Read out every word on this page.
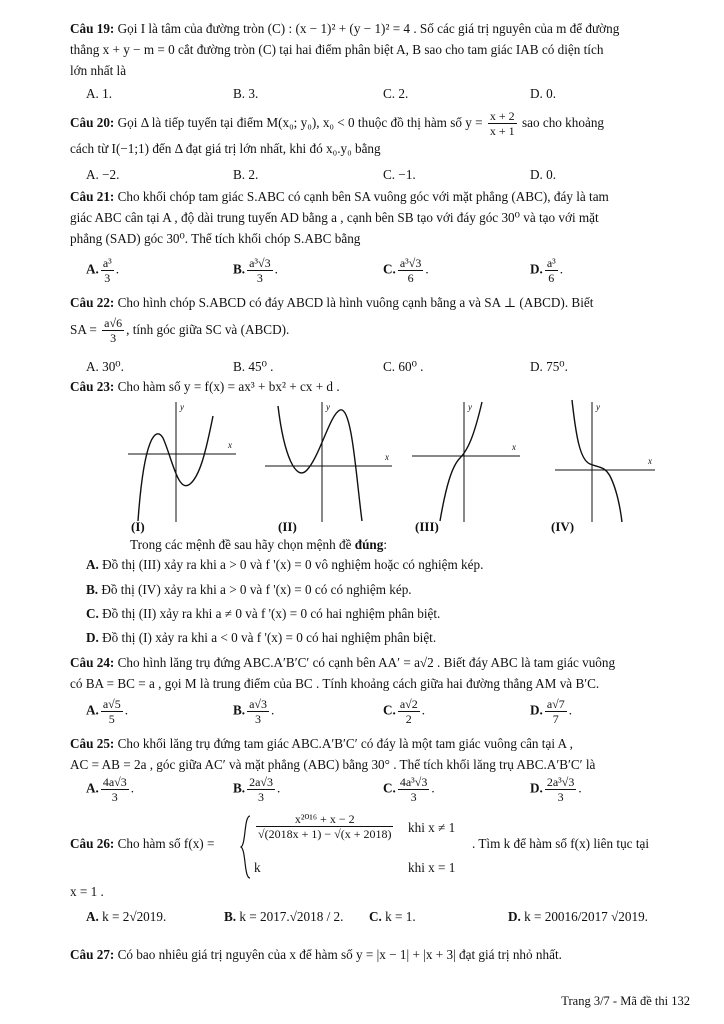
Câu 19: Gọi I là tâm của đường tròn (C) : (x − 1)² + (y − 1)² = 4 . Số các giá trị nguyên của m để đường
thẳng x + y − m = 0 cắt đường tròn (C) tại hai điểm phân biệt A, B sao cho tam giác IAB có diện tích
lớn nhất là
A. 1.	B. 3.	C. 2.	D. 0.
Câu 20: Gọi Δ là tiếp tuyến tại điểm M(x₀; y₀), x₀ < 0 thuộc đồ thị hàm số $y = \frac{x + 2}{x + 1}$ sao cho khoảng
cách từ I(−1;1) đến Δ đạt giá trị lớn nhất, khi đó x₀.y₀ bằng
A. −2.	B. 2.	C. −1.	D. 0.
Câu 21: Cho khối chóp tam giác S.ABC có cạnh bên SA vuông góc với mặt phẳng (ABC), đáy là tam
giác ABC cân tại A , độ dài trung tuyến AD bằng a , cạnh bên SB tạo với đáy góc 30⁰ và tạo với mặt
phẳng (SAD) góc 30⁰. Thể tích khối chóp S.ABC bằng
A. $\frac{\text{a³}}{3}$ .	B. $\frac{\text{a³√3}}{3}$ .	C. $\frac{\text{a³√3}}{6}$ .	D. $\frac{\text{a³}}{6}$ .
Câu 22: Cho hình chóp S.ABCD có đáy ABCD là hình vuông cạnh bằng a và SA ⊥ (ABCD). Biết
SA = $\frac{a√6}{3}$ , tính góc giữa SC và (ABCD).
A. 30⁰.	B. 45⁰ .	C. 60⁰ .	D. 75⁰.
Câu 23: Cho hàm số y = f(x) = ax³ + bx² + cx + d .
x
y
x
y
x
y
x
y
(I)	(II)	(III)	(IV)
Trong các mệnh đề sau hãy chọn mệnh đề đúng:
A. Đồ thị (III) xảy ra khi a > 0 và f '(x) = 0 vô nghiệm hoặc có nghiệm kép.
B. Đồ thị (IV) xảy ra khi a > 0 và f '(x) = 0 có có nghiệm kép.
C. Đồ thị (II) xảy ra khi a ≠ 0 và f '(x) = 0 có hai nghiệm phân biệt.
D. Đồ thị (I) xảy ra khi a < 0 và f '(x) = 0 có hai nghiệm phân biệt.
Câu 24: Cho hình lăng trụ đứng ABC.A′B′C′ có cạnh bên AA′ = a√2 . Biết đáy ABC là tam giác vuông
có BA = BC = a , gọi M là trung điểm của BC . Tính khoảng cách giữa hai đường thẳng AM và B′C.
A. $\frac{a√5}{5}$ .	B. $\frac{a√3}{3}$ .	C. $\frac{a√2}{2}$ .	D. $\frac{a√7}{7}$ .
Câu 25: Cho khối lăng trụ đứng tam giác ABC.A′B′C′ có đáy là một tam giác vuông cân tại A ,
AC = AB = 2a , góc giữa AC′ và mặt phẳng (ABC) bằng 30° . Thể tích khối lăng trụ ABC.A′B′C′ là
A. $\frac{4a√3}{3}$ .	B. $\frac{2a√3}{3}$ .	C. $\frac{\text{4a³√3}}{3}$ .	D. $\frac{\text{2a³√3}}{3}$ .
Câu 26: Cho hàm số f(x) =
$\frac{\text{x²⁰¹⁶ + x − 2}}{√(2018x + 1) - √(x + 2018)}$ khi x ≠ 1
k	khi x = 1
. Tìm k để hàm số f(x) liên tục tại
x = 1 .
A. k = 2√2019.	B. k = 2017.√2018 / 2. C. k = 1.	D. k = 20016/2017 √2019.
Câu 27: Có bao nhiêu giá trị nguyên của x để hàm số y = |x − 1| + |x + 3| đạt giá trị nhỏ nhất.
Trang 3/7 - Mã đề thi 132
